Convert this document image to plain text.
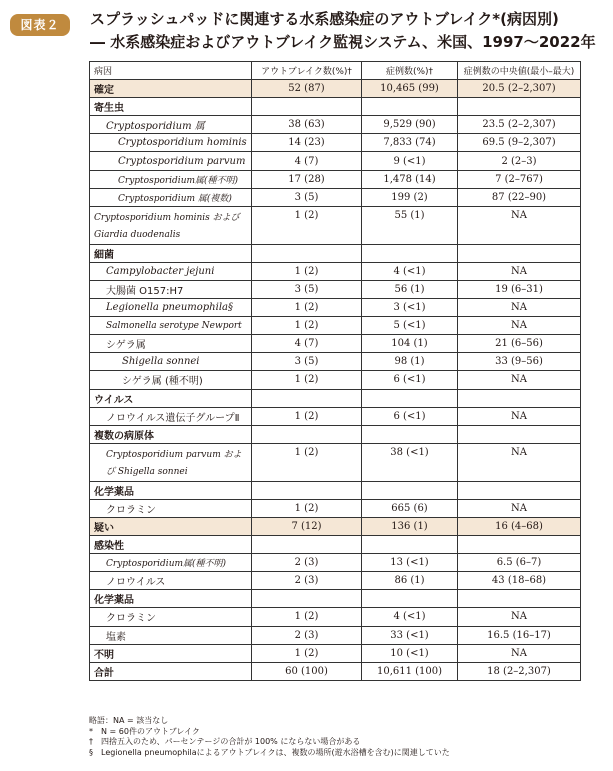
図表２	スプラッシュパッドに関連する水系感染症のアウトブレイク*(病因別)
― 水系感染症およびアウトブレイク監視システム、米国、1997～2022年
病因	アウトブレイク数(%)†	症例数(%)†	症例数の中央値(最小–最大)
確定	52 (87)	10,465 (99)	20.5 (2–2,307)
寄生虫			
Cryptosporidium 属	38 (63)	9,529 (90)	23.5 (2–2,307)
Cryptosporidium hominis	14 (23)	7,833 (74)	69.5 (9–2,307)
Cryptosporidium parvum	4 (7)	9 (<1)	2 (2–3)
Cryptosporidium属(種不明)	17 (28)	1,478 (14)	7 (2–767)
Cryptosporidium 属(複数)	3 (5)	199 (2)	87 (22–90)
Cryptosporidium hominis および Giardia duodenalis	1 (2)	55 (1)	NA
細菌			
Campylobacter jejuni	1 (2)	4 (<1)	NA
大腸菌 O157:H7	3 (5)	56 (1)	19 (6–31)
Legionella pneumophila§	1 (2)	3 (<1)	NA
Salmonella serotype Newport	1 (2)	5 (<1)	NA
シゲラ属	4 (7)	104 (1)	21 (6–56)
Shigella sonnei	3 (5)	98 (1)	33 (9–56)
シゲラ属 (種不明)	1 (2)	6 (<1)	NA
ウイルス			
ノロウイルス遺伝子グループⅡ	1 (2)	6 (<1)	NA
複数の病原体			
Cryptosporidium parvum および Shigella sonnei	1 (2)	38 (<1)	NA
化学薬品			
クロラミン	1 (2)	665 (6)	NA
疑い	7 (12)	136 (1)	16 (4–68)
感染性			
Cryptosporidium属(種不明)	2 (3)	13 (<1)	6.5 (6–7)
ノロウイルス	2 (3)	86 (1)	43 (18–68)
化学薬品			
クロラミン	1 (2)	4 (<1)	NA
塩素	2 (3)	33 (<1)	16.5 (16–17)
不明	1 (2)	10 (<1)	NA
合計	60 (100)	10,611 (100)	18 (2–2,307)
略語：NA = 該当なし
*　N = 60件のアウトブレイク
†　四捨五入のため、パーセンテージの合計が 100% にならない場合がある
§　Legionella pneumophilaによるアウトブレイクは、複数の場所(遊水浴槽を含む)に関連していた
